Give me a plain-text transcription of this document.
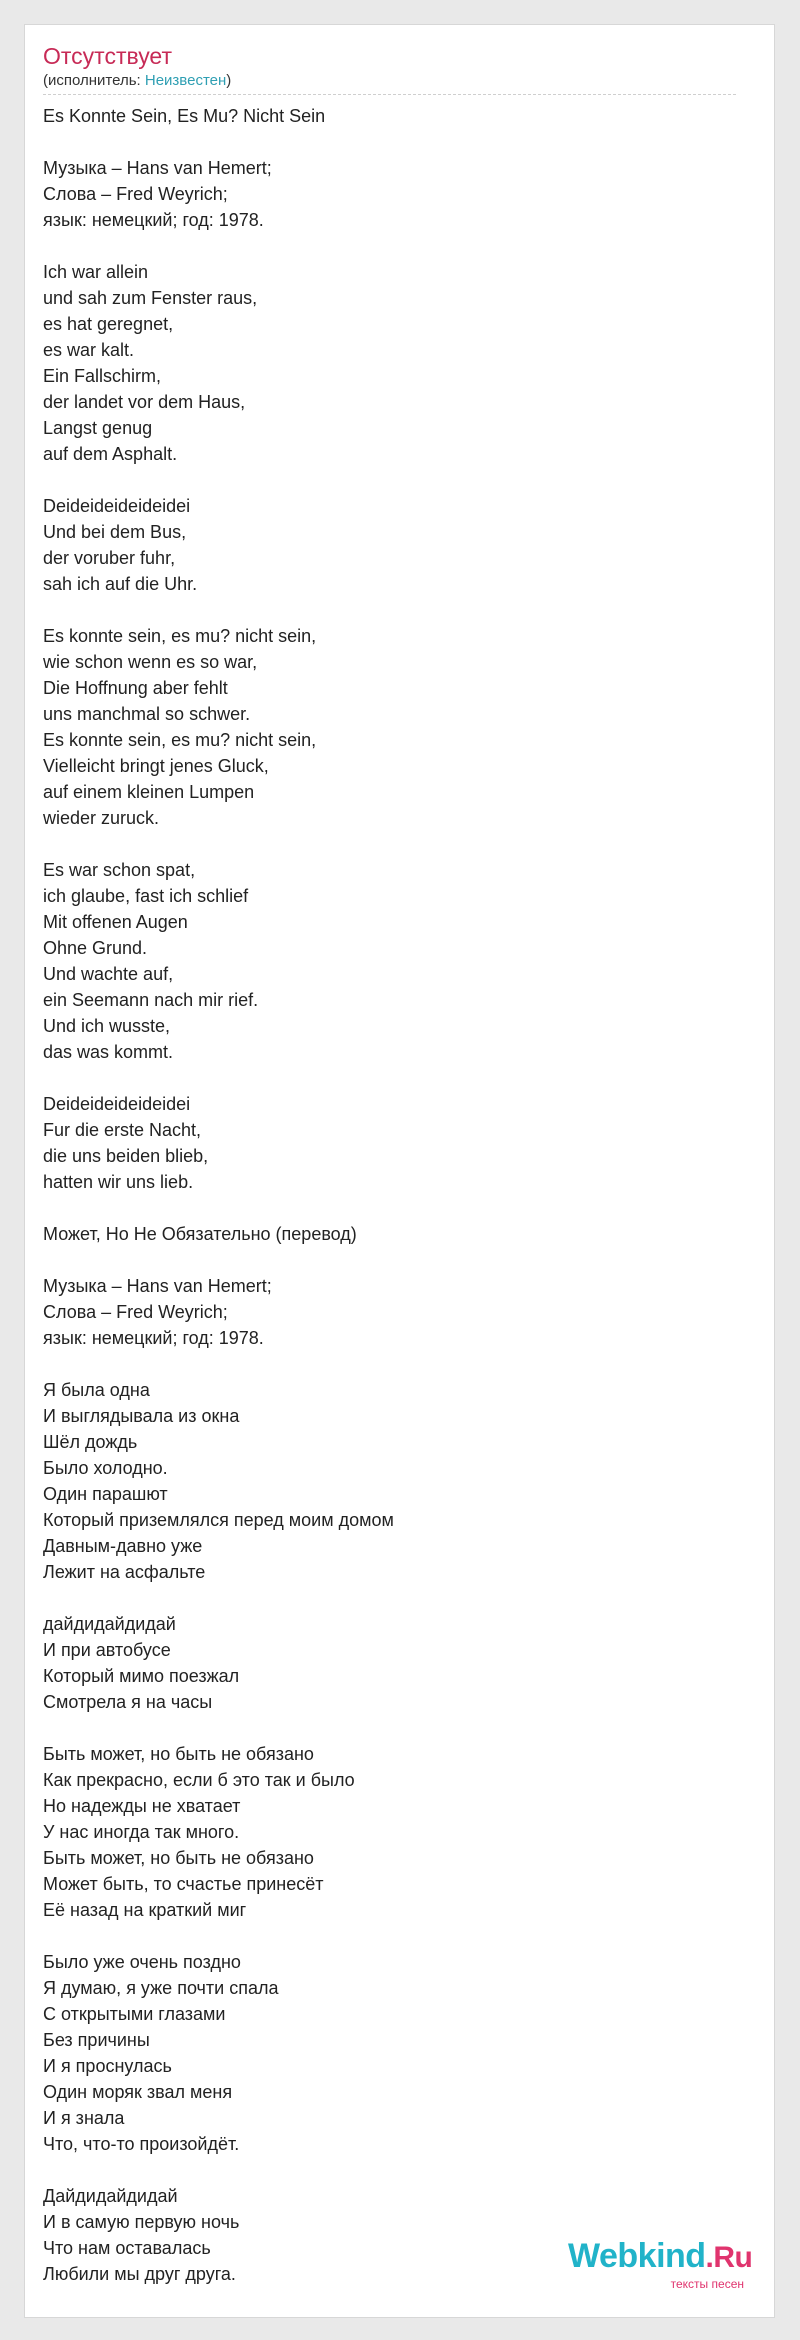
Отсутствует
(исполнитель: Неизвестен)
Es Konnte Sein, Es Mu? Nicht Sein
Музыка – Hans van Hemert;
Слова – Fred Weyrich;
язык: немецкий; год: 1978.
Ich war allein
und sah zum Fenster raus,
es hat geregnet,
es war kalt.
Ein Fallschirm,
der landet vor dem Haus,
Langst genug
auf dem Asphalt.
Deideideideideidei
Und bei dem Bus,
der voruber fuhr,
sah ich auf die Uhr.
Es konnte sein, es mu? nicht sein,
wie schon wenn es so war,
Die Hoffnung aber fehlt
uns manchmal so schwer.
Es konnte sein, es mu? nicht sein,
Vielleicht bringt jenes Gluck,
auf einem kleinen Lumpen
wieder zuruck.
Es war schon spat,
ich glaube, fast ich schlief
Mit offenen Augen
Ohne Grund.
Und wachte auf,
ein Seemann nach mir rief.
Und ich wusste,
das was kommt.
Deideideideideidei
Fur die erste Nacht,
die uns beiden blieb,
hatten wir uns lieb.
Может, Но Не Обязательно (перевод)
Музыка – Hans van Hemert;
Слова – Fred Weyrich;
язык: немецкий; год: 1978.
Я была одна
И выглядывала из окна
Шёл дождь
Было холодно.
Один парашют
Который приземлялся перед моим домом
Давным-давно уже
Лежит на асфальте
дайдидайдидай
И при автобусе
Который мимо поезжал
Смотрела я на часы
Быть может, но быть не обязано
Как прекрасно, если б это так и было
Но надежды не хватает
У нас иногда так много.
Быть может, но быть не обязано
Может быть, то счастье принесёт
Её назад на краткий миг
Было уже очень поздно
Я думаю, я уже почти спала
С открытыми глазами
Без причины
И я проснулась
Один моряк звал меня
И я знала
Что, что-то произойдёт.
Дайдидайдидай
И в самую первую ночь
Что нам оставалась
Любили мы друг друга.	Webkind.Ru
тексты песен
